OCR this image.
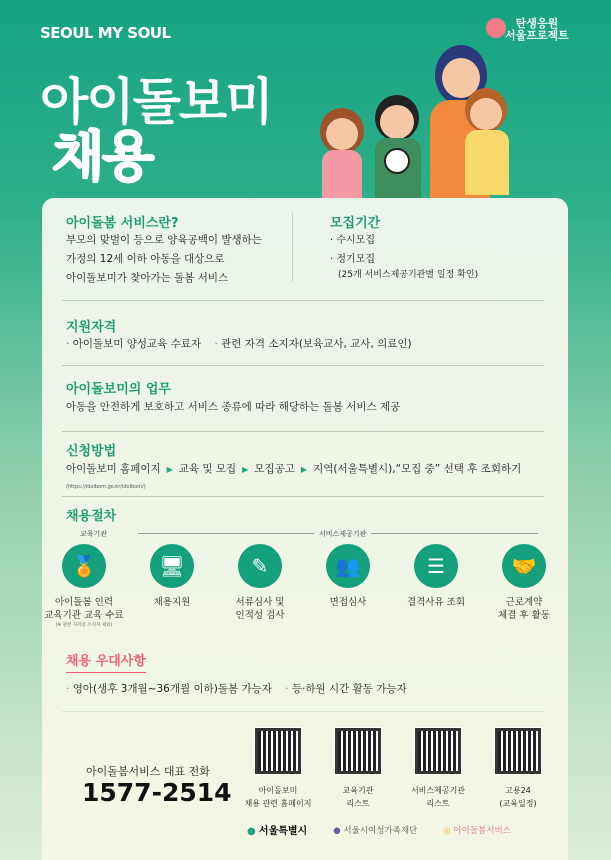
SEOUL MY SOUL
탄생응원
서울프로젝트
아이돌보미
채용
아이돌봄 서비스란?
부모의 맞벌이 등으로 양육공백이 발생하는
가정의 12세 이하 아동을 대상으로
아이돌보미가 찾아가는 돌봄 서비스
모집기간
· 수시모집
· 정기모집
(25개 서비스제공기관별 일정 확인)
지원자격
· 아이돌보미 양성교육 수료자 · 관련 자격 소지자(보육교사, 교사, 의료인)
아이돌보미의 업무
아동을 안전하게 보호하고 서비스 종류에 따라 해당하는 돌봄 서비스 제공
신청방법
아이돌보미 홈페이지 ▶ 교육 및 모집 ▶ 모집공고 ▶ 지역(서울특별시),“모집 중” 선택 후 조회하기
(https://idolbom.go.kr/idolbom/)
채용절차
교육기관	서비스제공기관
🏅
아이돌봄 인력
교육기관 교육 수료
(※ 관련 자격증 소지자 제외)
🖥
채용지원
✎
서류심사 및
인적성 검사
👥
면접심사
☰
결격사유 조회
🤝
근로계약
체결 후 활동
채용 우대사항
· 영아(생후 3개월~36개월 이하)돌봄 가능자 · 등·하원 시간 활동 가능자
아이돌봄서비스 대표 전화
1577-2514	아이돌보미
채용 관련 홈페이지
교육기관
리스트
서비스제공기관
리스트
고용24
(교육일정)
● 서울특별시	● 서울시여성가족재단	◎ 아이돌봄서비스
